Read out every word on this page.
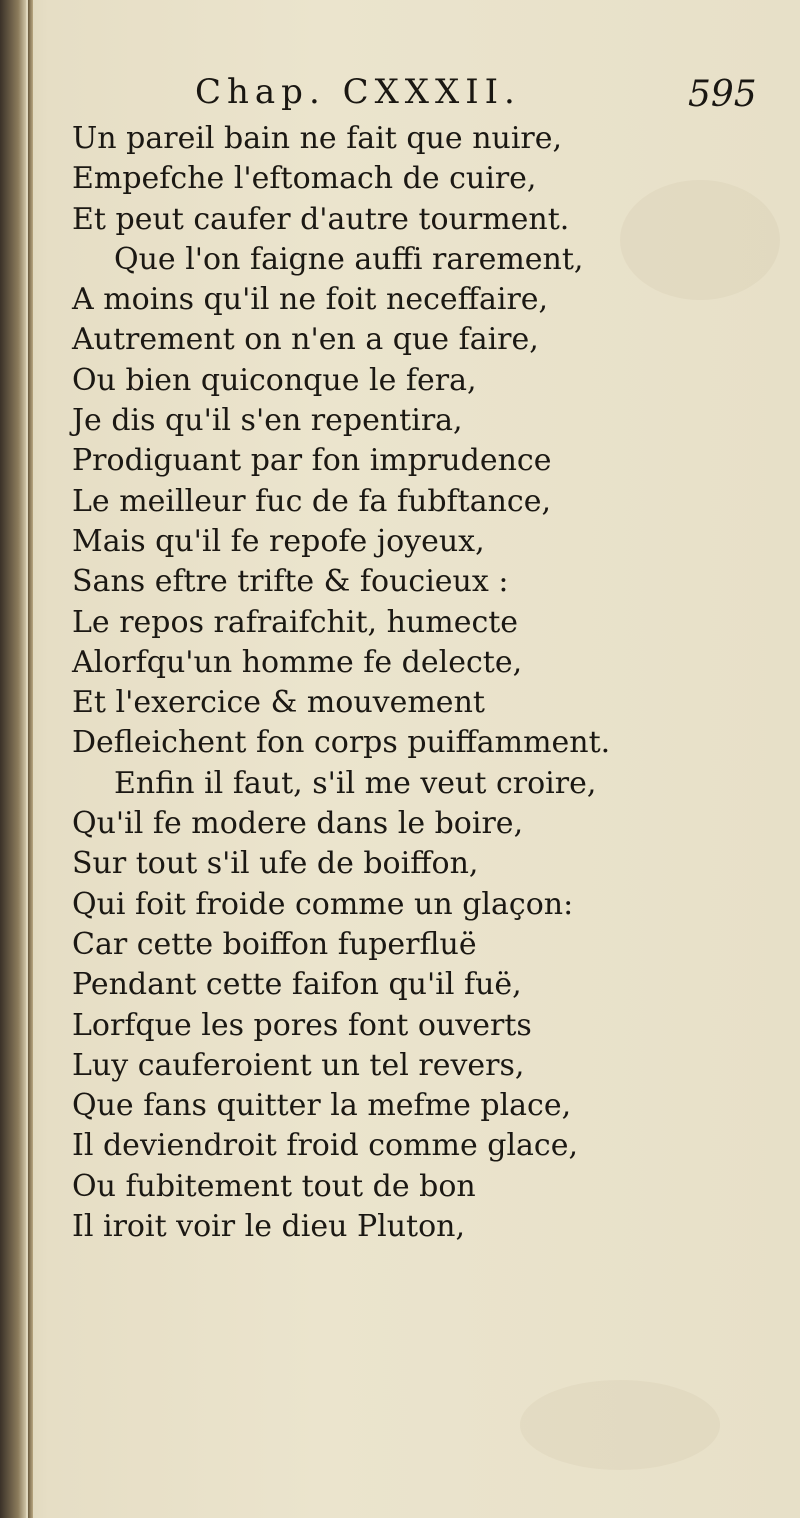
Chap. CXXXII.	595
Un pareil bain ne fait que nuire,
Empefche l'eftomach de cuire,
Et peut caufer d'autre tourment.
Que l'on faigne auffi rarement,
A moins qu'il ne foit neceffaire,
Autrement on n'en a que faire,
Ou bien quiconque le fera,
Je dis qu'il s'en repentira,
Prodiguant par fon imprudence
Le meilleur fuc de fa fubftance,
Mais qu'il fe repofe joyeux,
Sans eftre trifte & foucieux :
Le repos rafraifchit, humecte
Alorfqu'un homme fe delecte,
Et l'exercice & mouvement
Defleichent fon corps puiffamment.
Enfin il faut, s'il me veut croire,
Qu'il fe modere dans le boire,
Sur tout s'il ufe de boiffon,
Qui foit froide comme un glaçon:
Car cette boiffon fuperfluë
Pendant cette faifon qu'il fuë,
Lorfque les pores font ouverts
Luy cauferoient un tel revers,
Que fans quitter la mefme place,
Il deviendroit froid comme glace,
Ou fubitement tout de bon
Il iroit voir le dieu Pluton,
